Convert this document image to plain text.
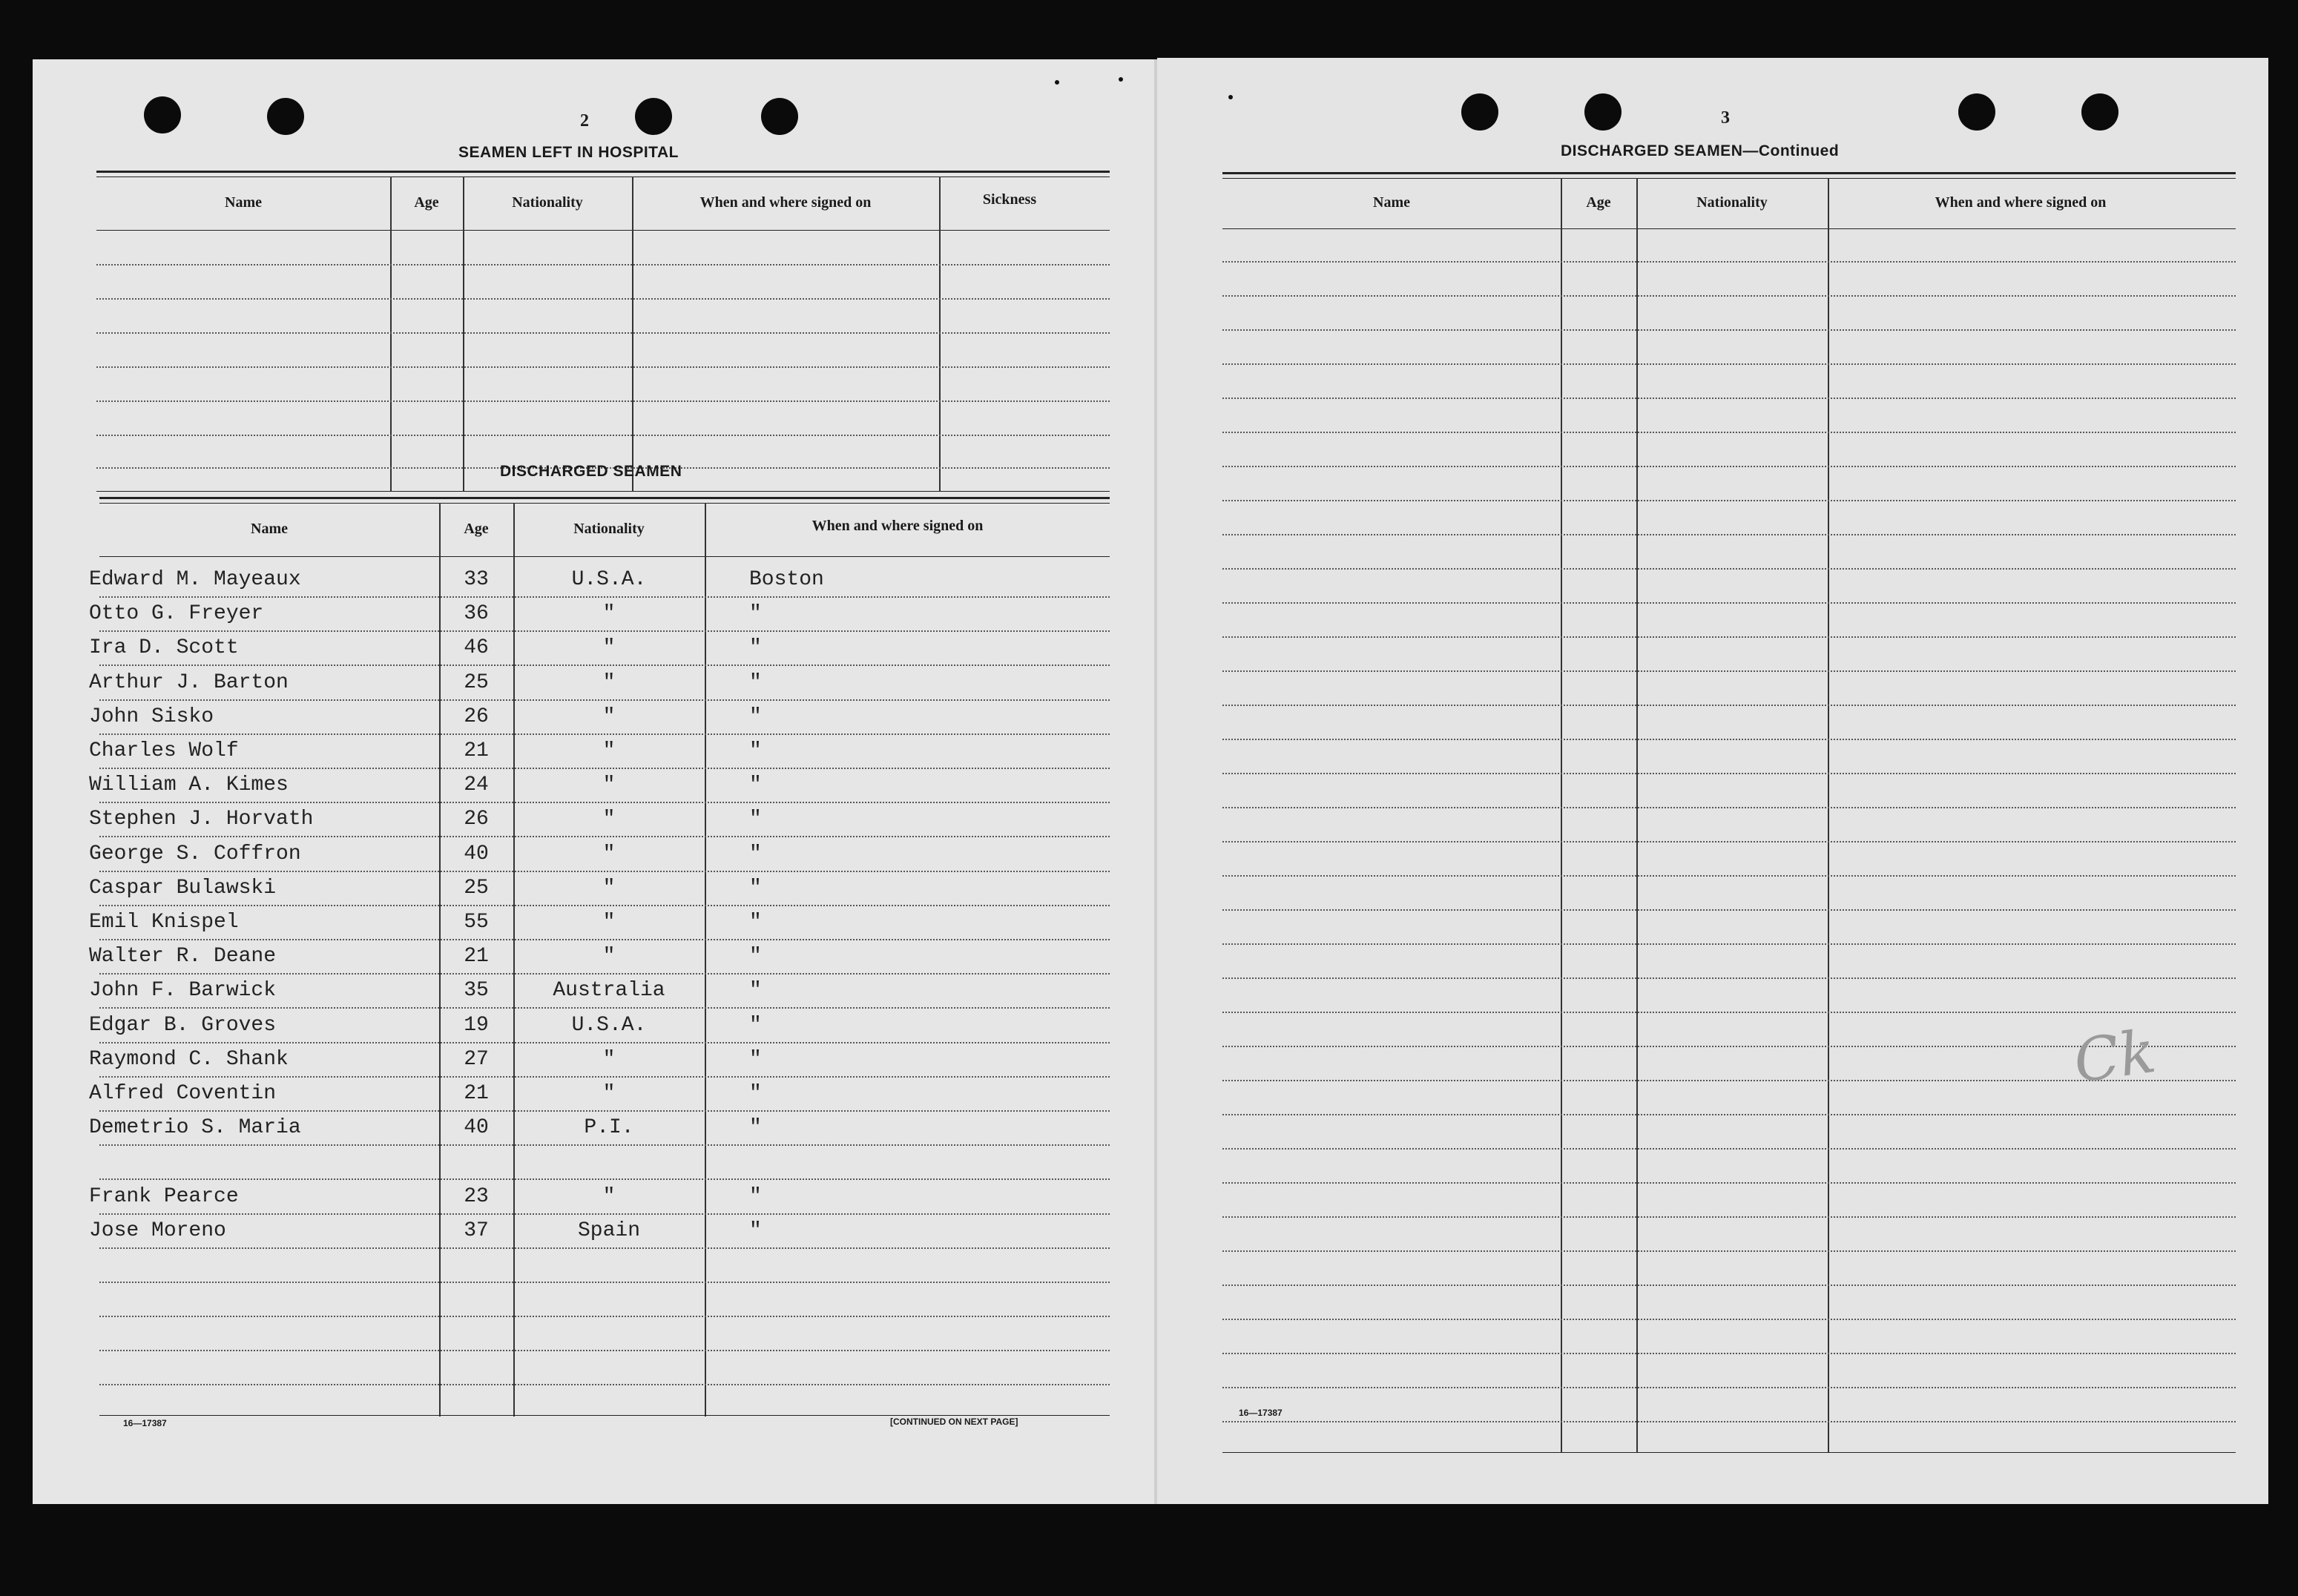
2
SEAMEN LEFT IN HOSPITAL
Name	Age	Nationality	When and where signed on	Sickness
DISCHARGED SEAMEN
Name	Age	Nationality	When and where signed on
Edward M. Mayeaux	33	U.S.A.	Boston
Otto G. Freyer	36	"	"
Ira D. Scott	46	"	"
Arthur J. Barton	25	"	"
John Sisko	26	"	"
Charles Wolf	21	"	"
William A. Kimes	24	"	"
Stephen J. Horvath	26	"	"
George S. Coffron	40	"	"
Caspar Bulawski	25	"	"
Emil Knispel	55	"	"
Walter R. Deane	21	"	"
John F. Barwick	35	Australia	"
Edgar B. Groves	19	U.S.A.	"
Raymond C. Shank	27	"	"
Alfred Coventin	21	"	"
Demetrio S. Maria	40	P.I.	"
Frank Pearce	23	"	"
Jose Moreno	37	Spain	"
16—17387	[CONTINUED ON NEXT PAGE]
3
DISCHARGED SEAMEN—Continued
Name	Age	Nationality	When and where signed on
Ck
16—17387
